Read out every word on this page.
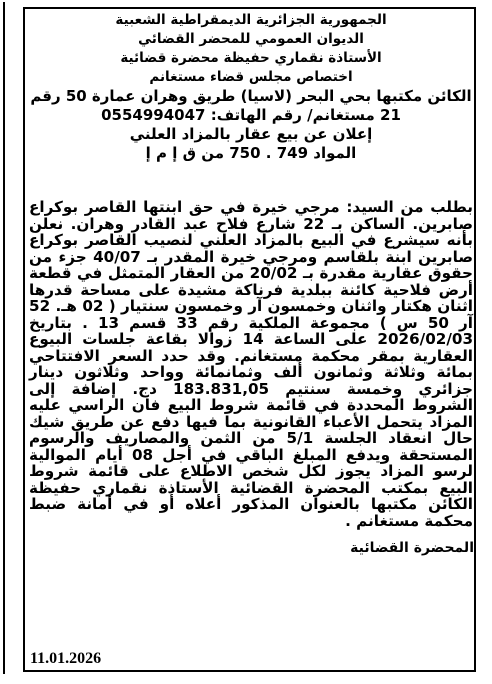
الجمهورية الجزائرية الديمقراطية الشعبية
الديوان العمومي للمحضر القضائي
الأستاذة نقماري حفيظة محضرة قضائية
اختصاص مجلس قضاء مستغانم
الكائن مكتبها بحي البحر (لاسيا) طريق وهران عمارة 50 رقم
21 مستغانم/ رقم الهاتف: 0554994047
إعلان عن بيع عقار بالمزاد العلني
المواد 749 . 750 من ق إ م إ
بطلب من السيد: مرجي خيرة في حق ابنتها القاصر بوكراع صابرين. الساكن بـ 22 شارع فلاح عبد القادر وهران. نعلن بأنه سيشرع في البيع بالمزاد العلني لنصيب القاصر بوكراع صابرين ابنة بلقاسم ومرجي خيرة المقدر بـ 40/07 جزء من حقوق عقارية مقدرة بـ 20/02 من العقار المتمثل في قطعة أرض فلاحية كائنة ببلدية فرناكة مشيدة على مساحة قدرها اثنان هكتار واثنان وخمسون آر وخمسون سنتيار ( 02 هـ. 52 آر 50 س ) مجموعة الملكية رقم 33 قسم 13 . بتاريخ 2026/02/03 على الساعة 14 زوالا بقاعة جلسات البيوع العقارية بمقر محكمة مستغانم. وقد حدد السعر الافتتاحي بمائة وثلاثة وثمانون ألف وثمانمائة وواحد وثلاثون دينار جزائري وخمسة سنتيم 183.831,05 دج. إضافة إلى الشروط المحددة في قائمة شروط البيع فان الراسي عليه المزاد يتحمل الأعباء القانونية بما فيها دفع عن طريق شيك حال انعقاد الجلسة 5/1 من الثمن والمصاريف والرسوم المستحقة ويدفع المبلغ الباقي في أجل 08 أيام الموالية لرسو المزاد يجوز لكل شخص الاطلاع على قائمة شروط البيع بمكتب المحضرة القضائية الأستاذة نقماري حفيظة الكائن مكتبها بالعنوان المذكور أعلاه أو في أمانة ضبط محكمة مستغانم .
المحضرة القضائية
11.01.2026
